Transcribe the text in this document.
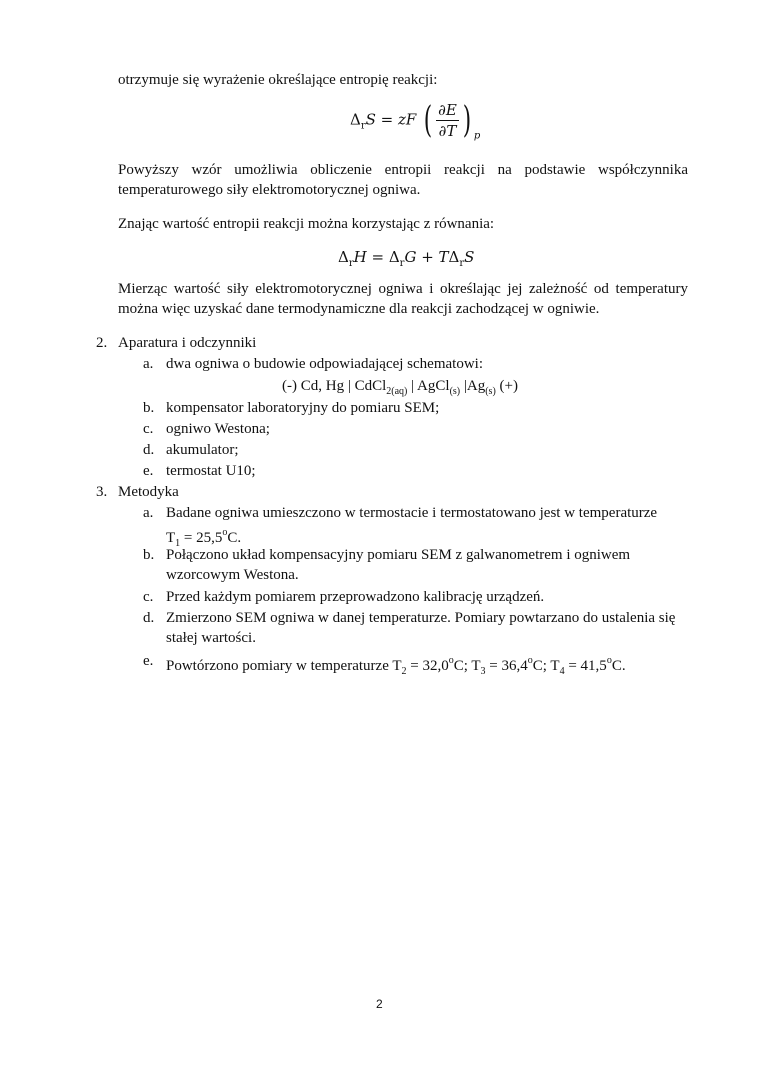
otrzymuje się wyrażenie określające entropię reakcji:
$\Delta_rS$ = zF ( $\frac{\partial E}{\partial T}$ ) $_p$
Powyższy wzór umożliwia obliczenie entropii reakcji na podstawie współczynnika temperaturowego siły elektromotorycznej ogniwa.
Znając wartość entropii reakcji można korzystając z równania:
$\Delta_rH = \Delta_rG + T\Delta_rS$
Mierząc wartość siły elektromotorycznej ogniwa i określając jej zależność od temperatury można więc uzyskać dane termodynamiczne dla reakcji zachodzącej w ogniwie.
2. Aparatura i odczynniki
a. dwa ogniwa o budowie odpowiadającej schematowi:
(-) Cd, Hg | CdCl$_{2(aq)}$ | AgCl$_{(s)}$ $|Ag_{(s)}$ (+)
b. kompensator laboratoryjny do pomiaru SEM;
c. ogniwo Westona;
d. akumulator;
e. termostat U10;
3. Metodyka
a. Badane ogniwa umieszczono w termostacie i termostatowano jest w temperaturze
$T_1 = 25,5^oC$.
b. Połączono układ kompensacyjny pomiaru SEM z galwanometrem i ogniwem wzorcowym Westona.
c. Przed każdym pomiarem przeprowadzono kalibrację urządzeń.
d. Zmierzono SEM ogniwa w danej temperaturze. Pomiary powtarzano do ustalenia się stałej wartości.
e. Powtórzono pomiary w temperaturze $T_2 = 32,0^oC$; $T_3 = 36,4^oC$; $T_4 = 41,5^oC$.
2
